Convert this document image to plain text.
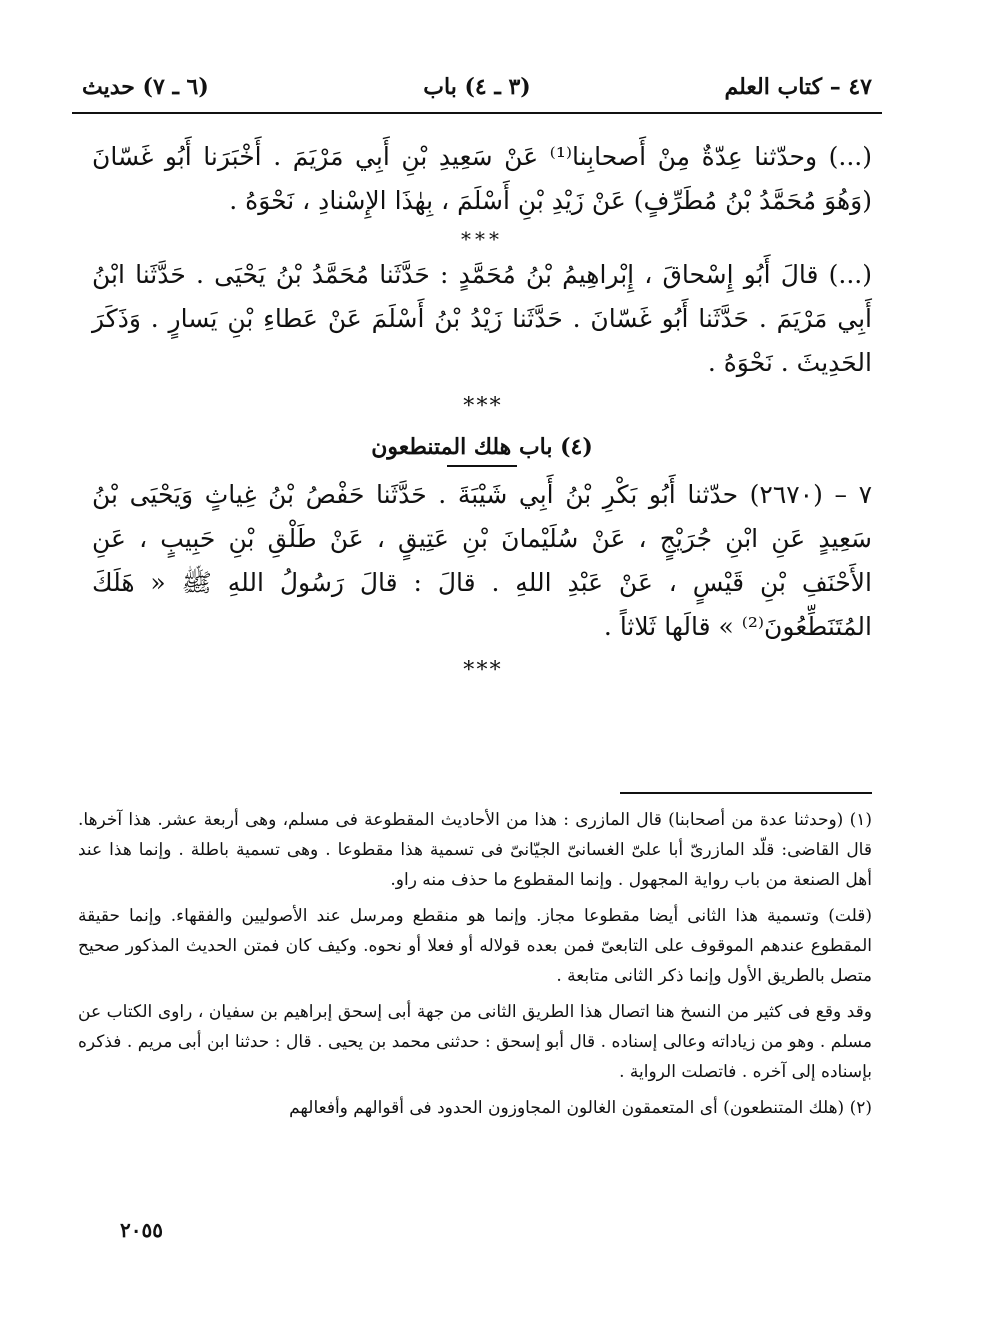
٤٧ – كتاب العلم
(٣ ـ ٤) باب
(٦ ـ ٧) حديث

(...) وحدّثنا عِدّةٌ مِنْ أَصحابِنا⁽¹⁾ عَنْ سَعِيدِ بْنِ أَبِي مَرْيَمَ . أَخْبَرَنا أَبُو غَسّانَ (وَهُوَ مُحَمَّدُ بْنُ مُطَرِّفٍ) عَنْ زَيْدِ بْنِ أَسْلَمَ ، بِهٰذَا الإِسْنادِ ، نَحْوَهُ .

***

(...) قالَ أَبُو إِسْحاقَ ، إِبْراهِيمُ بْنُ مُحَمَّدٍ : حَدَّثَنا مُحَمَّدُ بْنُ يَحْيَى . حَدَّثَنا ابْنُ أَبِي مَرْيَمَ . حَدَّثَنا أَبُو غَسّانَ . حَدَّثَنا زَيْدُ بْنُ أَسْلَمَ عَنْ عَطاءِ بْنِ يَسارٍ . وَذَكَرَ الحَدِيثَ . نَحْوَهُ .

* * *
(٤) باب هلك المتنطعون

٧ – (٢٦٧٠) حدّثنا أَبُو بَكْرِ بْنُ أَبِي شَيْبَةَ . حَدَّثَنا حَفْصُ بْنُ غِياثٍ وَيَحْيَى بْنُ سَعِيدٍ عَنِ ابْنِ جُرَيْجٍ ، عَنْ سُلَيْمانَ بْنِ عَتِيقٍ ، عَنْ طَلْقِ بْنِ حَبِيبٍ ، عَنِ الأَحْنَفِ بْنِ قَيْسٍ ، عَنْ عَبْدِ اللهِ . قالَ : قالَ رَسُولُ اللهِ ﷺ « هَلَكَ المُتَنَطِّعُونَ⁽²⁾ » قالَها ثَلاثاً .

* * *

(١) (وحدثنا عدة من أصحابنا) قال المازرى : هذا من الأحاديث المقطوعة فى مسلم، وهى أربعة عشر. هذا آخرها. قال القاضى: قلّد المازرىّ أبا علىّ الغسانىّ الجيّانىّ فى تسمية هذا مقطوعا . وهى تسمية باطلة . وإنما هذا عند أهل الصنعة من باب رواية المجهول . وإنما المقطوع ما حذف منه راو.

(قلت) وتسمية هذا الثانى أيضا مقطوعا مجاز. وإنما هو منقطع ومرسل عند الأصوليين والفقهاء. وإنما حقيقة المقطوع عندهم الموقوف على التابعىّ فمن بعده قولاله أو فعلا أو نحوه. وكيف كان فمتن الحديث المذكور صحيح متصل بالطريق الأول وإنما ذكر الثانى متابعة .

وقد وقع فى كثير من النسخ هنا اتصال هذا الطريق الثانى من جهة أبى إسحق إبراهيم بن سفيان ، راوى الكتاب عن مسلم . وهو من زياداته وعالى إسناده . قال أبو إسحق : حدثنى محمد بن يحيى . قال : حدثنا ابن أبى مريم . فذكره بإسناده إلى آخره . فاتصلت الرواية .

(٢) (هلك المتنطعون) أى المتعمقون الغالون المجاوزون الحدود فى أقوالهم وأفعالهم

٢٠٥٥
